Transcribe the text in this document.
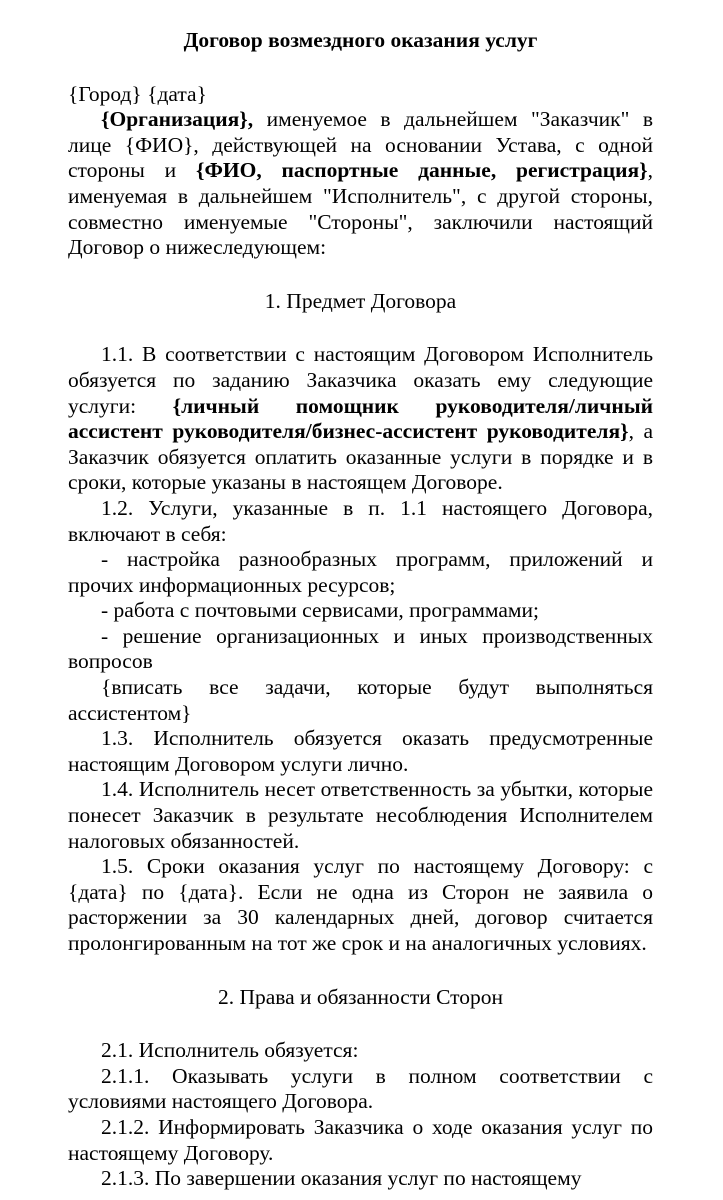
Договор возмездного оказания услуг

{Город} {дата}

{Организация}, именуемое в дальнейшем "Заказчик" в лице {ФИО}, действующей на основании Устава, с одной стороны и {ФИО, паспортные данные, регистрация}, именуемая в дальнейшем "Исполнитель", с другой стороны, совместно именуемые "Стороны", заключили настоящий Договор о нижеследующем:

1. Предмет Договора

1.1. В соответствии с настоящим Договором Исполнитель обязуется по заданию Заказчика оказать ему следующие услуги: {личный помощник руководителя/личный ассистент руководителя/бизнес-ассистент руководителя}, а Заказчик обязуется оплатить оказанные услуги в порядке и в сроки, которые указаны в настоящем Договоре.

1.2. Услуги, указанные в п. 1.1 настоящего Договора, включают в себя:

- настройка разнообразных программ, приложений и прочих информационных ресурсов;

- работа с почтовыми сервисами, программами;

- решение организационных и иных производственных вопросов

{вписать все задачи, которые будут выполняться ассистентом}

1.3. Исполнитель обязуется оказать предусмотренные настоящим Договором услуги лично.

1.4. Исполнитель несет ответственность за убытки, которые понесет Заказчик в результате несоблюдения Исполнителем налоговых обязанностей.

1.5. Сроки оказания услуг по настоящему Договору: с {дата} по {дата}. Если не одна из Сторон не заявила о расторжении за 30 календарных дней, договор считается пролонгированным на тот же срок и на аналогичных условиях.

2. Права и обязанности Сторон

2.1. Исполнитель обязуется:

2.1.1. Оказывать услуги в полном соответствии с условиями настоящего Договора.

2.1.2. Информировать Заказчика о ходе оказания услуг по настоящему Договору.

2.1.3. По завершении оказания услуг по настоящему
